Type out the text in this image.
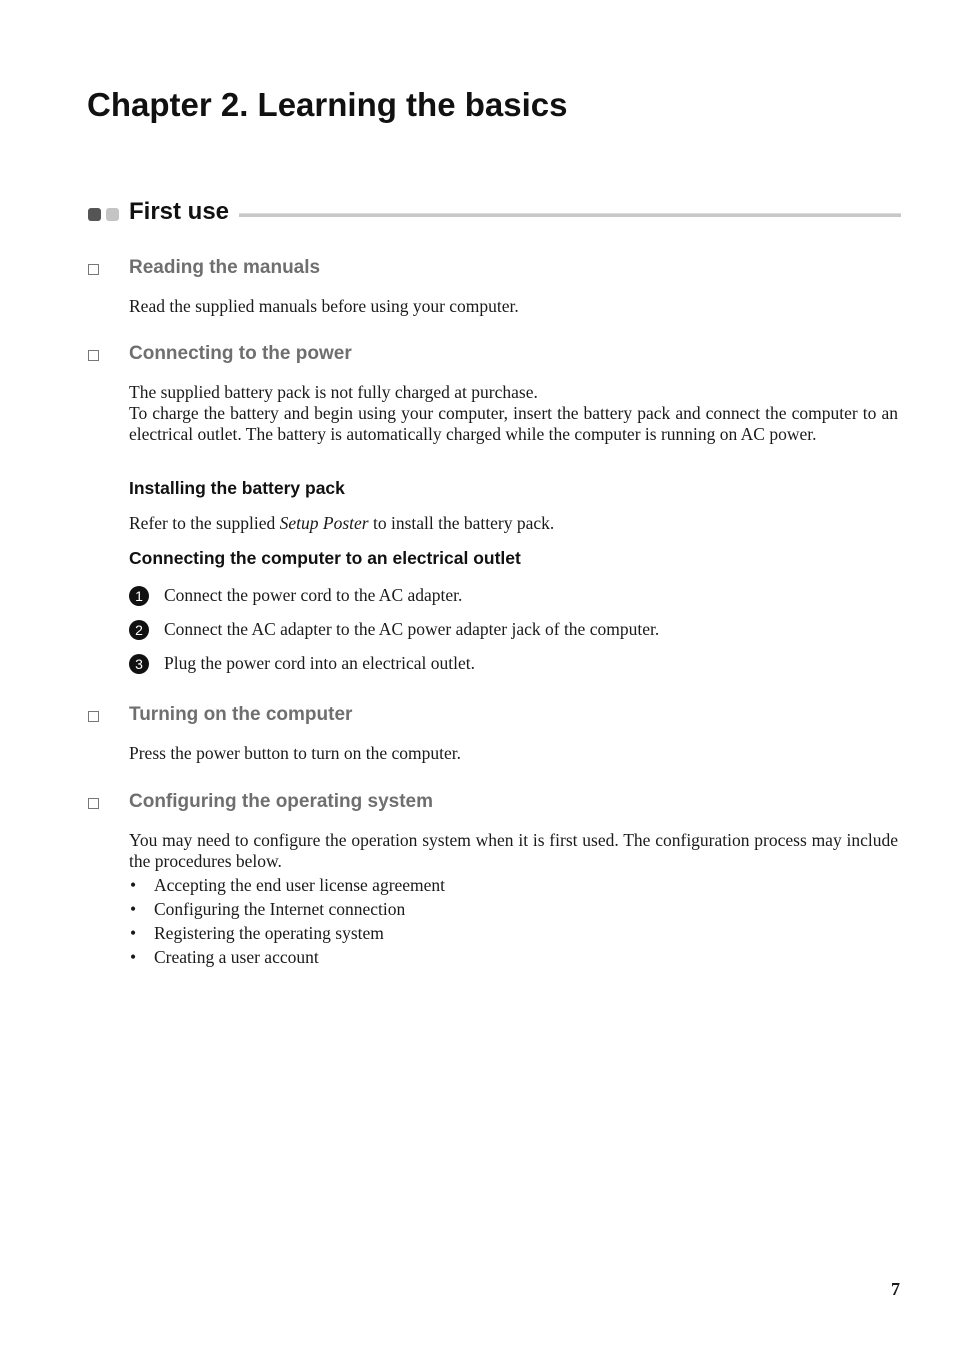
Chapter 2. Learning the basics
First use
Reading the manuals
Read the supplied manuals before using your computer.
Connecting to the power
The supplied battery pack is not fully charged at purchase.
To charge the battery and begin using your computer, insert the battery pack and connect the computer to an electrical outlet. The battery is automatically charged while the computer is running on AC power.
Installing the battery pack
Refer to the supplied Setup Poster to install the battery pack.
Connecting the computer to an electrical outlet
1	Connect the power cord to the AC adapter.
2	Connect the AC adapter to the AC power adapter jack of the computer.
3	Plug the power cord into an electrical outlet.
Turning on the computer
Press the power button to turn on the computer.
Configuring the operating system
You may need to configure the operation system when it is first used. The configuration process may include the procedures below.
• Accepting the end user license agreement
• Configuring the Internet connection
• Registering the operating system
• Creating a user account
7
